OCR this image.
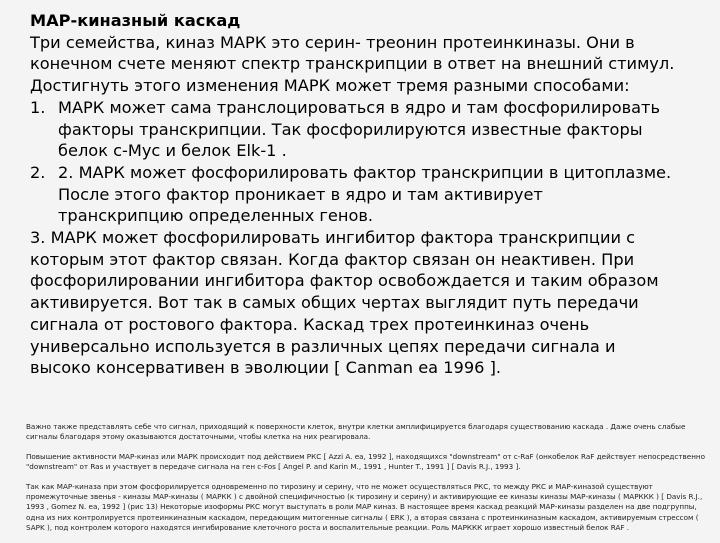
МАР-киназный каскад
Три семейства, киназ МАРК это серин- треонин протеинкиназы. Они в
конечном счете меняют спектр транскрипции в ответ на внешний стимул.
Достигнуть этого изменения МАРК может тремя разными способами:
1. МАРК может сама транслоцироваться в ядро и там фосфорилировать
факторы транскрипции. Так фосфорилируются известные факторы
белок с-Мус и белок Elk-1 .
2. 2. МАРК может фосфорилировать фактор транскрипции в цитоплазме.
После этого фактор проникает в ядро и там активирует
транскрипцию определенных генов.
3. МАРК может фосфорилировать ингибитор фактора транскрипции с
которым этот фактор связан. Когда фактор связан он неактивен. При
фосфорилировании ингибитора фактор освобождается и таким образом
активируется. Вот так в самых общих чертах выглядит путь передачи
сигнала от ростового фактора. Каскад трех протеинкиназ очень
универсально используется в различных цепях передачи сигнала и
высоко консервативен в эволюции [ Canman ea 1996 ].

Важно также представлять себе что сигнал, приходящий к поверхности клеток, внутри клетки амплифицируется благодаря существованию каскада . Даже очень слабые сигналы благодаря этому оказываются достаточными, чтобы клетка на них реагировала.

Повышение активности МАР-киназ или МАРК происходит под действием РКС [ Azzi A. ea, 1992 ], находящихся "downstream" от с-RaF (онкобелок RaF действует непосредственно "downstream" от Ras и участвует в передаче сигнала на ген с-Fos [ Angel P. and Karin M., 1991 , Hunter T., 1991 ] [ Davis R.J., 1993 ].

Так как МАР-киназа при этом фосфорилируется одновременно по тирозину и серину, что не может осуществляться РКС, то между РКС и МАР-киназой существуют промежуточные звенья - киназы МАР-киназы ( МАРКК ) с двойной специфичностью (к тирозину и серину) и активирующие ее киназы киназы МАР-киназы ( МАРККК ) [ Davis R.J., 1993 , Gomez N. ea, 1992 ] (рис 13) Некоторые изоформы РКС могут выступать в роли МАР киназ. В настоящее время каскад реакций МАР-киназы разделен на две подгруппы, одна из них контролируется протеинкиназным каскадом, передающим митогенные сигналы ( ERK ), а вторая связана с протеинкиназным каскадом, активируемым стрессом ( SAPK ), под контролем которого находятся ингибирование клеточного роста и воспалительные реакции. Роль МАРККК играет хорошо известный белок RAF .
